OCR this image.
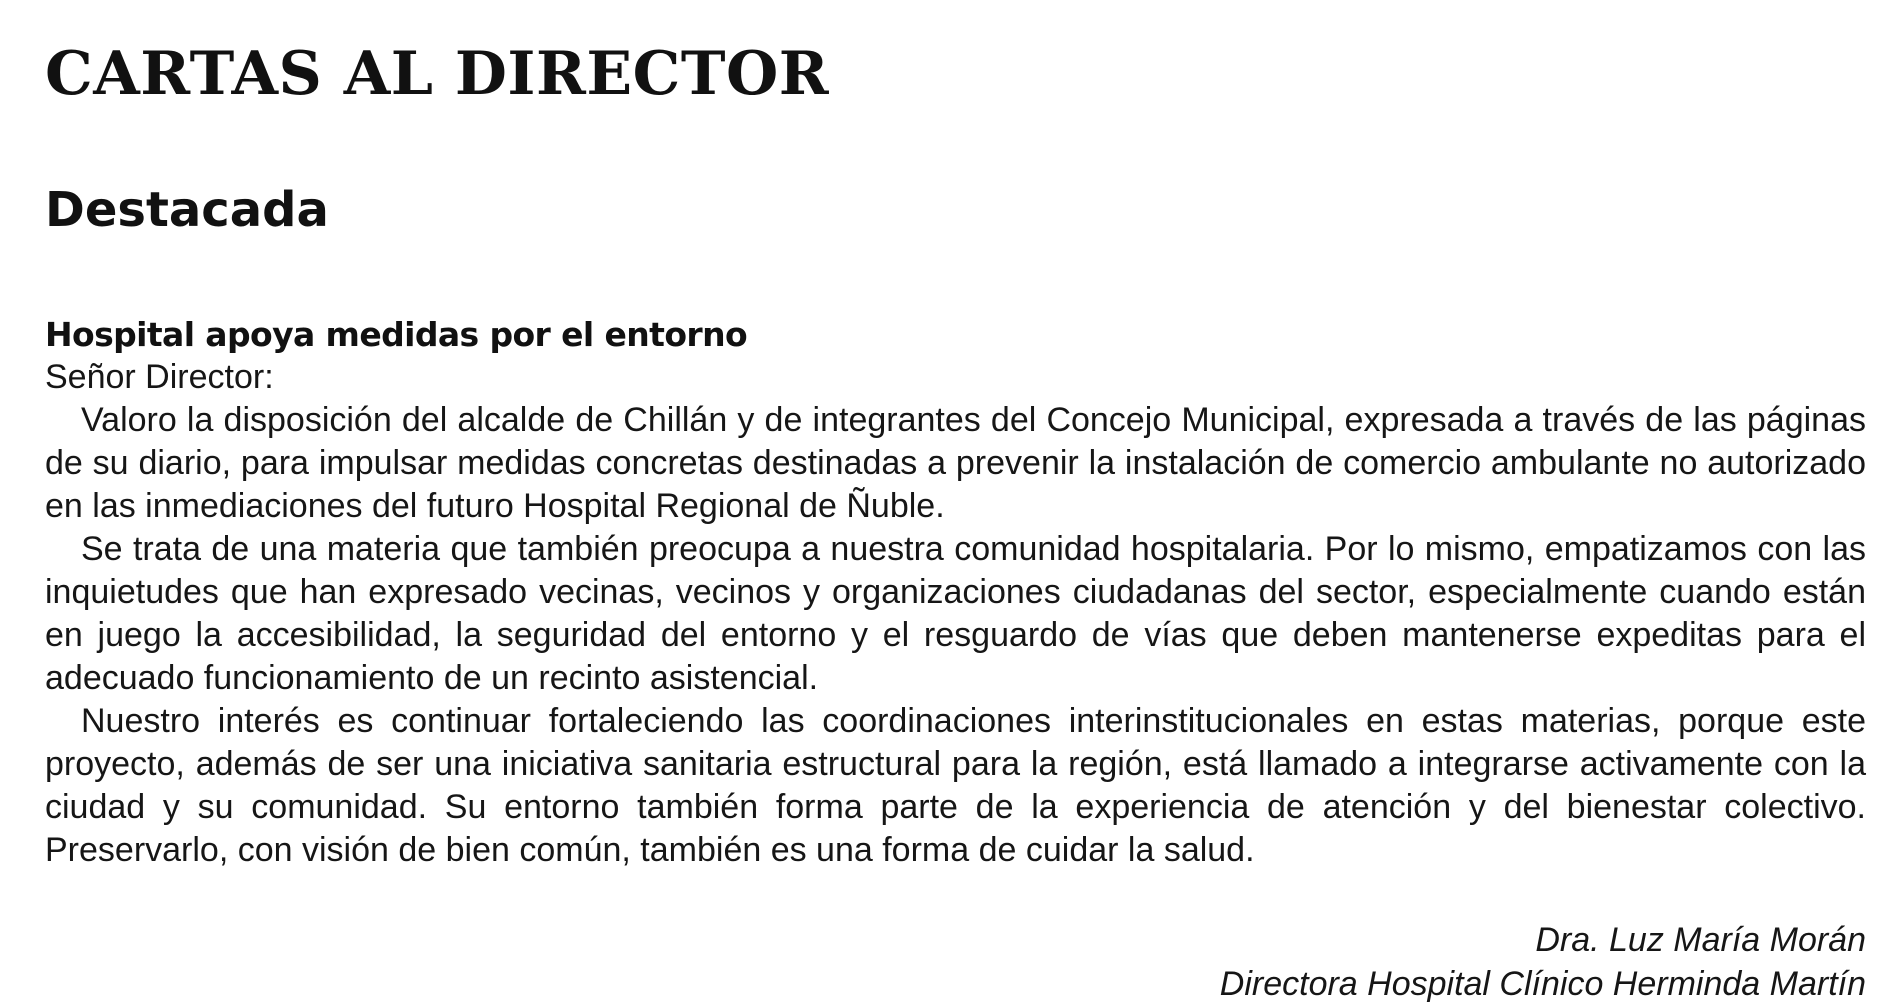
CARTAS AL DIRECTOR
Destacada
Hospital apoya medidas por el entorno

Señor Director:

Valoro la disposición del alcalde de Chillán y de integrantes del Concejo Municipal, expresada a través de las páginas de su diario, para impulsar medidas concretas destinadas a prevenir la instalación de comercio ambulante no autorizado en las inmediaciones del futuro Hospital Regional de Ñuble.

Se trata de una materia que también preocupa a nuestra comunidad hospitalaria. Por lo mismo, empatizamos con las inquietudes que han expresado vecinas, vecinos y organizaciones ciudadanas del sector, especialmente cuando están en juego la accesibilidad, la seguridad del entorno y el resguardo de vías que deben mantenerse expeditas para el adecuado funcionamiento de un recinto asistencial.

Nuestro interés es continuar fortaleciendo las coordinaciones interinstitucionales en estas materias, porque este proyecto, además de ser una iniciativa sanitaria estructural para la región, está llamado a integrarse activamente con la ciudad y su comunidad. Su entorno también forma parte de la experiencia de atención y del bienestar colectivo. Preservarlo, con visión de bien común, también es una forma de cuidar la salud.

Dra. Luz María Morán

Directora Hospital Clínico Herminda Martín
